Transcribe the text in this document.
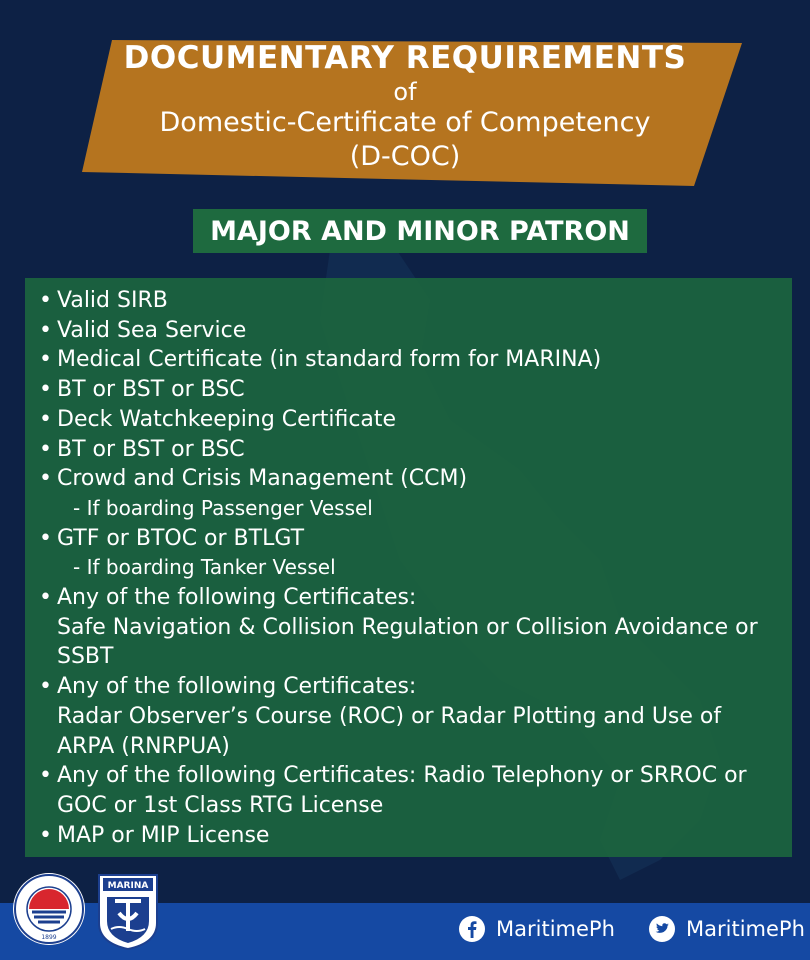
DOCUMENTARY REQUIREMENTS
of
Domestic-Certificate of Competency
(D-COC)
MAJOR AND MINOR PATRON
• Valid SIRB
• Valid Sea Service
• Medical Certificate (in standard form for MARINA)
• BT or BST or BSC
• Deck Watchkeeping Certificate
• BT or BST or BSC
• Crowd and Crisis Management (CCM)
- If boarding Passenger Vessel
• GTF or BTOC or BTLGT
- If boarding Tanker Vessel
• Any of the following Certificates:
Safe Navigation & Collision Regulation or Collision Avoidance or SSBT
• Any of the following Certificates:
Radar Observer’s Course (ROC) or Radar Plotting and Use of ARPA (RNRPUA)
• Any of the following Certificates: Radio Telephony or SRROC or GOC or 1st Class RTG License
• MAP or MIP License
1899
MARINA
MaritimePh	MaritimePh
